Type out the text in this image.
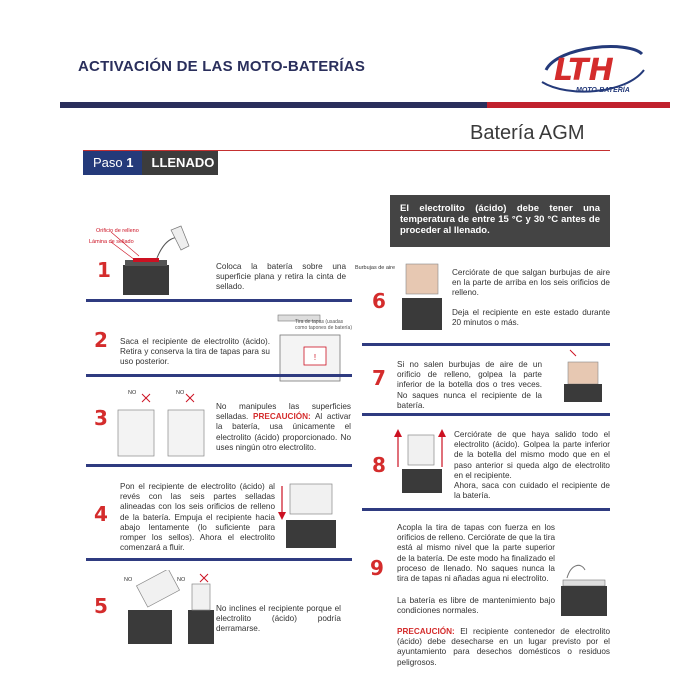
ACTIVACIÓN DE LAS MOTO-BATERÍAS	LTH
MOTO-BATERÍA
Batería AGM
Paso 1	LLENADO
El electrolito (ácido) debe tener una temperatura de entre 15 °C y 30 °C antes de proceder al llenado.
Orificio de relleno
Lámina de sellado
1	Coloca la batería sobre una superficie plana y retira la cinta de sellado.
2 Saca el recipiente de electrolito (ácido). Retira y conserva la tira de tapas para su uso posterior.	!
Tira de tapas (usadas como tapones de batería)
NO	NO
3	No manipules las superficies selladas. PRECAUCIÓN: Al activar la batería, usa únicamente el electrolito (ácido) proporcionado. No uses ningún otro electrolito.
Pon el recipiente de electrolito (ácido) al revés con las seis partes selladas alineadas con los seis orificios de relleno de la batería. Empuja el recipiente hacia abajo lentamente (lo suficiente para romper los sellos). Ahora el electrolito comenzará a fluir.
4
NO	NO
5	No inclines el recipiente porque el electrolito (ácido) podría derramarse.
Burbujas de aire
6
Cerciórate de que salgan burbujas de aire en la parte de arriba en los seis orificios de relleno.
Deja el recipiente en este estado durante 20 minutos o más.
7
Si no salen burbujas de aire de un orificio de relleno, golpea la parte inferior de la botella dos o tres veces. No saques nunca el recipiente de la batería.
8
Cerciórate de que haya salido todo el electrolito (ácido). Golpea la parte inferior de la botella del mismo modo que en el paso anterior si queda algo de electrolito en el recipiente.
Ahora, saca con cuidado el recipiente de la batería.
Acopla la tira de tapas con fuerza en los orificios de relleno. Cerciórate de que la tira está al mismo nivel que la parte superior de la batería. De este modo ha finalizado el proceso de llenado. No saques nunca la tira de tapas ni añadas agua ni electrolito.
9
La batería es libre de mantenimiento bajo condiciones normales.
PRECAUCIÓN: El recipiente contenedor de electrolito (ácido) debe desecharse en un lugar previsto por el ayuntamiento para desechos domésticos o residuos peligrosos.
